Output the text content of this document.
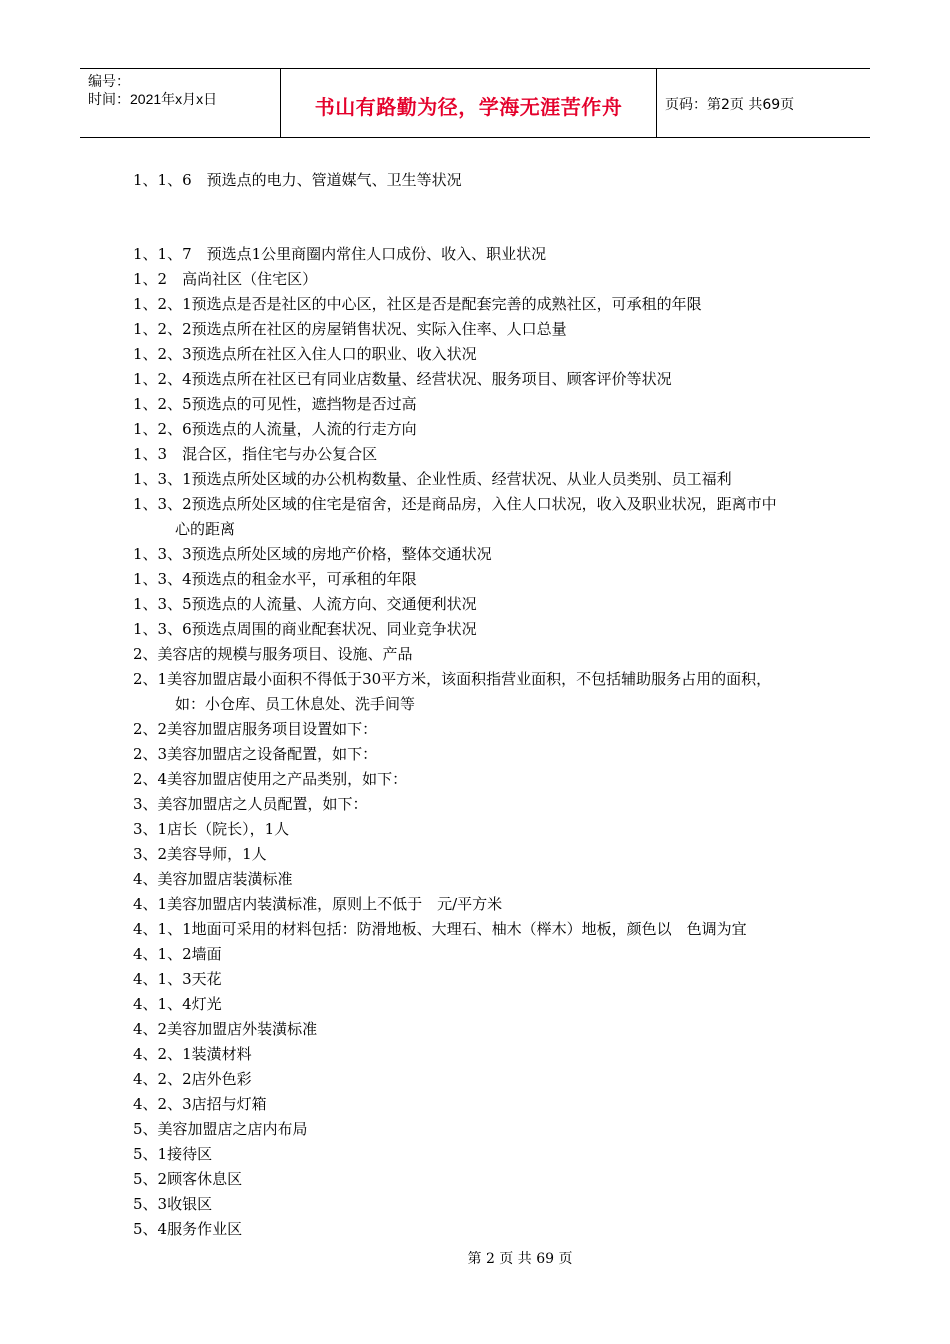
编号：
时间：2021年x月x日	书山有路勤为径，学海无涯苦作舟	页码：第2页 共69页
1、1、6　预选点的电力、管道媒气、卫生等状况
1、1、7　预选点1公里商圈内常住人口成份、收入、职业状况
1、2　高尚社区（住宅区）
1、2、1预选点是否是社区的中心区，社区是否是配套完善的成熟社区，可承租的年限
1、2、2预选点所在社区的房屋销售状况、实际入住率、人口总量
1、2、3预选点所在社区入住人口的职业、收入状况
1、2、4预选点所在社区已有同业店数量、经营状况、服务项目、顾客评价等状况
1、2、5预选点的可见性，遮挡物是否过高
1、2、6预选点的人流量，人流的行走方向
1、3　混合区，指住宅与办公复合区
1、3、1预选点所处区域的办公机构数量、企业性质、经营状况、从业人员类别、员工福利
1、3、2预选点所处区域的住宅是宿舍，还是商品房，入住人口状况，收入及职业状况，距离市中
心的距离
1、3、3预选点所处区域的房地产价格，整体交通状况
1、3、4预选点的租金水平，可承租的年限
1、3、5预选点的人流量、人流方向、交通便利状况
1、3、6预选点周围的商业配套状况、同业竞争状况
2、美容店的规模与服务项目、设施、产品
2、1美容加盟店最小面积不得低于30平方米，该面积指营业面积，不包括辅助服务占用的面积，
如：小仓库、员工休息处、洗手间等
2、2美容加盟店服务项目设置如下：
2、3美容加盟店之设备配置，如下：
2、4美容加盟店使用之产品类别，如下：
3、美容加盟店之人员配置，如下：
3、1店长（院长），1人
3、2美容导师，1人
4、美容加盟店装潢标准
4、1美容加盟店内装潢标准，原则上不低于　元/平方米
4、1、1地面可采用的材料包括：防滑地板、大理石、柚木（榉木）地板，颜色以　色调为宜
4、1、2墙面
4、1、3天花
4、1、4灯光
4、2美容加盟店外装潢标准
4、2、1装潢材料
4、2、2店外色彩
4、2、3店招与灯箱
5、美容加盟店之店内布局
5、1接待区
5、2顾客休息区
5、3收银区
5、4服务作业区
第 2 页 共 69 页
